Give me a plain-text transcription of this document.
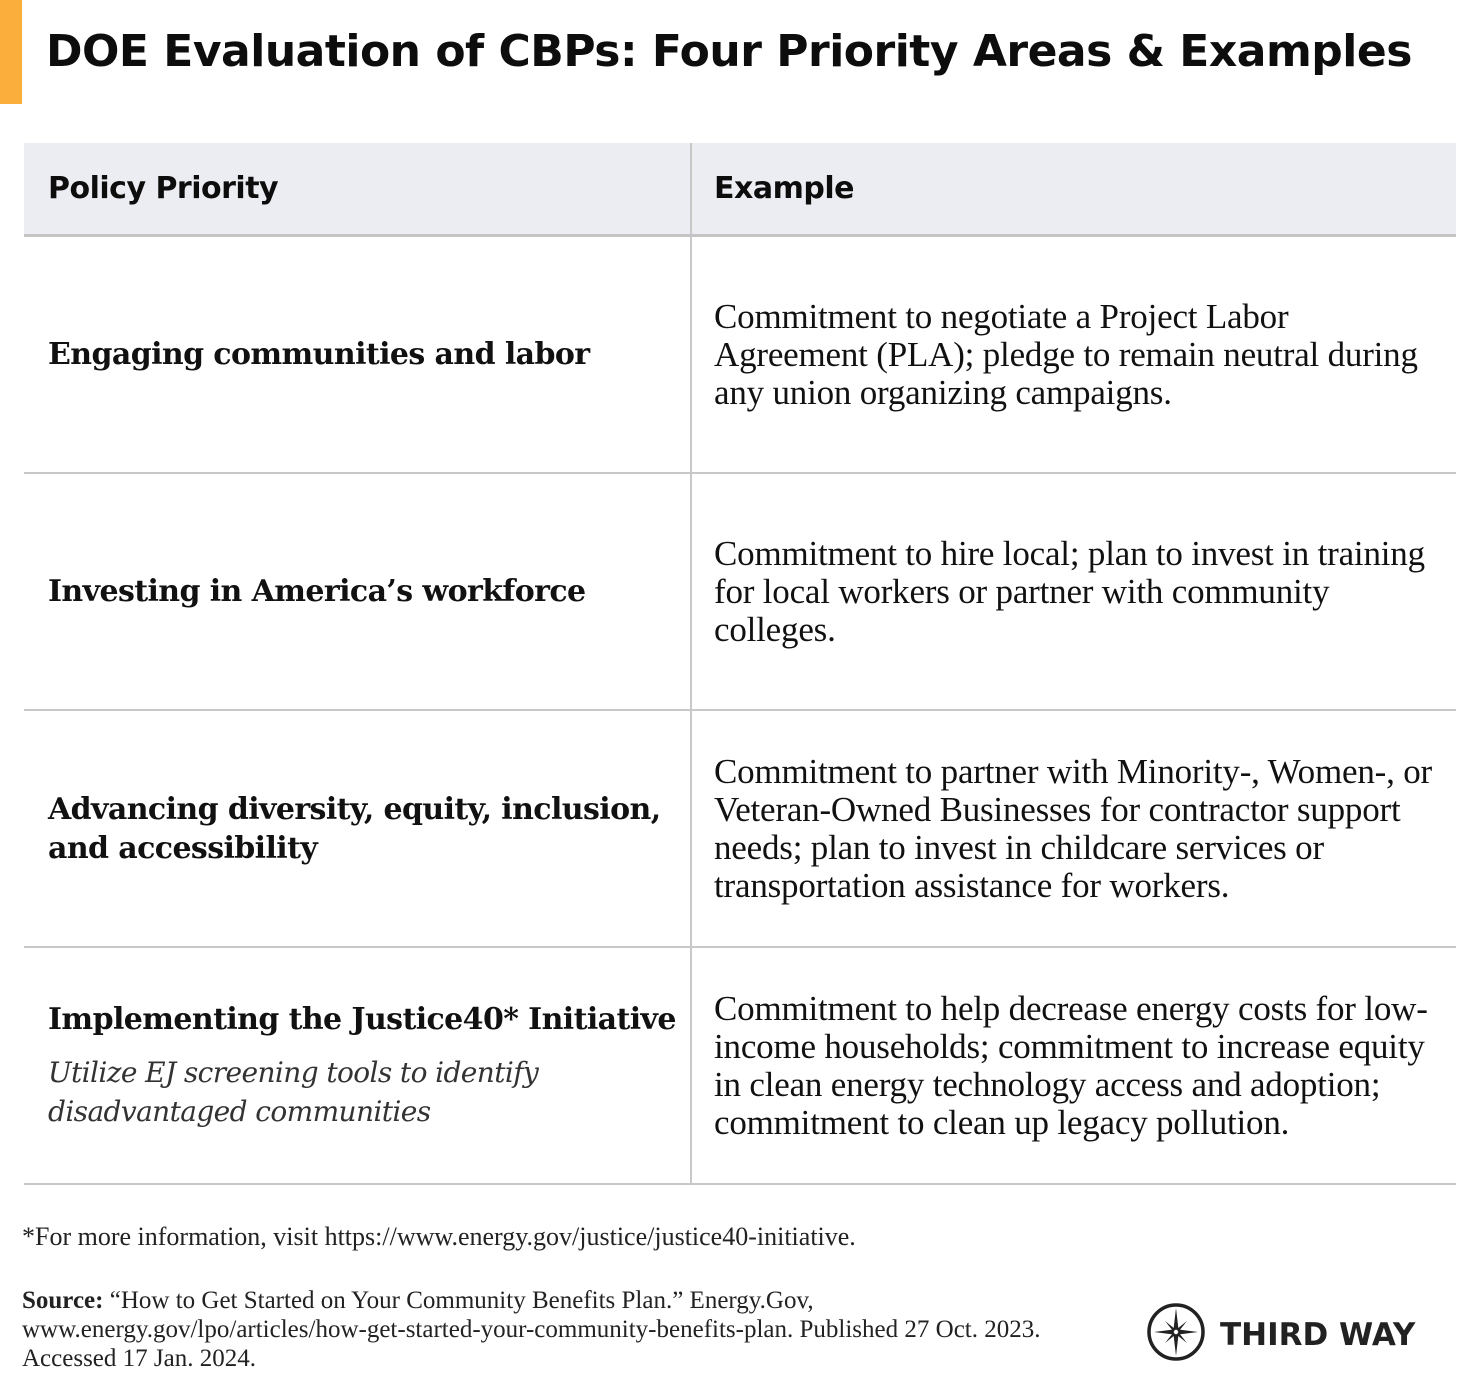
DOE Evaluation of CBPs: Four Priority Areas & Examples
Policy Priority	Example
Engaging communities and labor
Commitment to negotiate a Project Labor Agreement (PLA); pledge to remain neutral during any union organizing campaigns.
Investing in America’s workforce
Commitment to hire local; plan to invest in training for local workers or partner with community colleges.
Advancing diversity, equity, inclusion, and accessibility
Commitment to partner with Minority-, Women-, or Veteran-Owned Businesses for contractor support needs; plan to invest in childcare services or transportation assistance for workers.
Implementing the Justice40* Initiative
Utilize EJ screening tools to identify disadvantaged communities
Commitment to help decrease energy costs for low-income households; commitment to increase equity in clean energy technology access and adoption; commitment to clean up legacy pollution.
*For more information, visit https://www.energy.gov/justice/justice40-initiative.
Source: “How to Get Started on Your Community Benefits Plan.” Energy.Gov, www.energy.gov/lpo/articles/how-get-started-your-community-benefits-plan. Published 27 Oct. 2023. Accessed 17 Jan. 2024.
THIRD WAY
